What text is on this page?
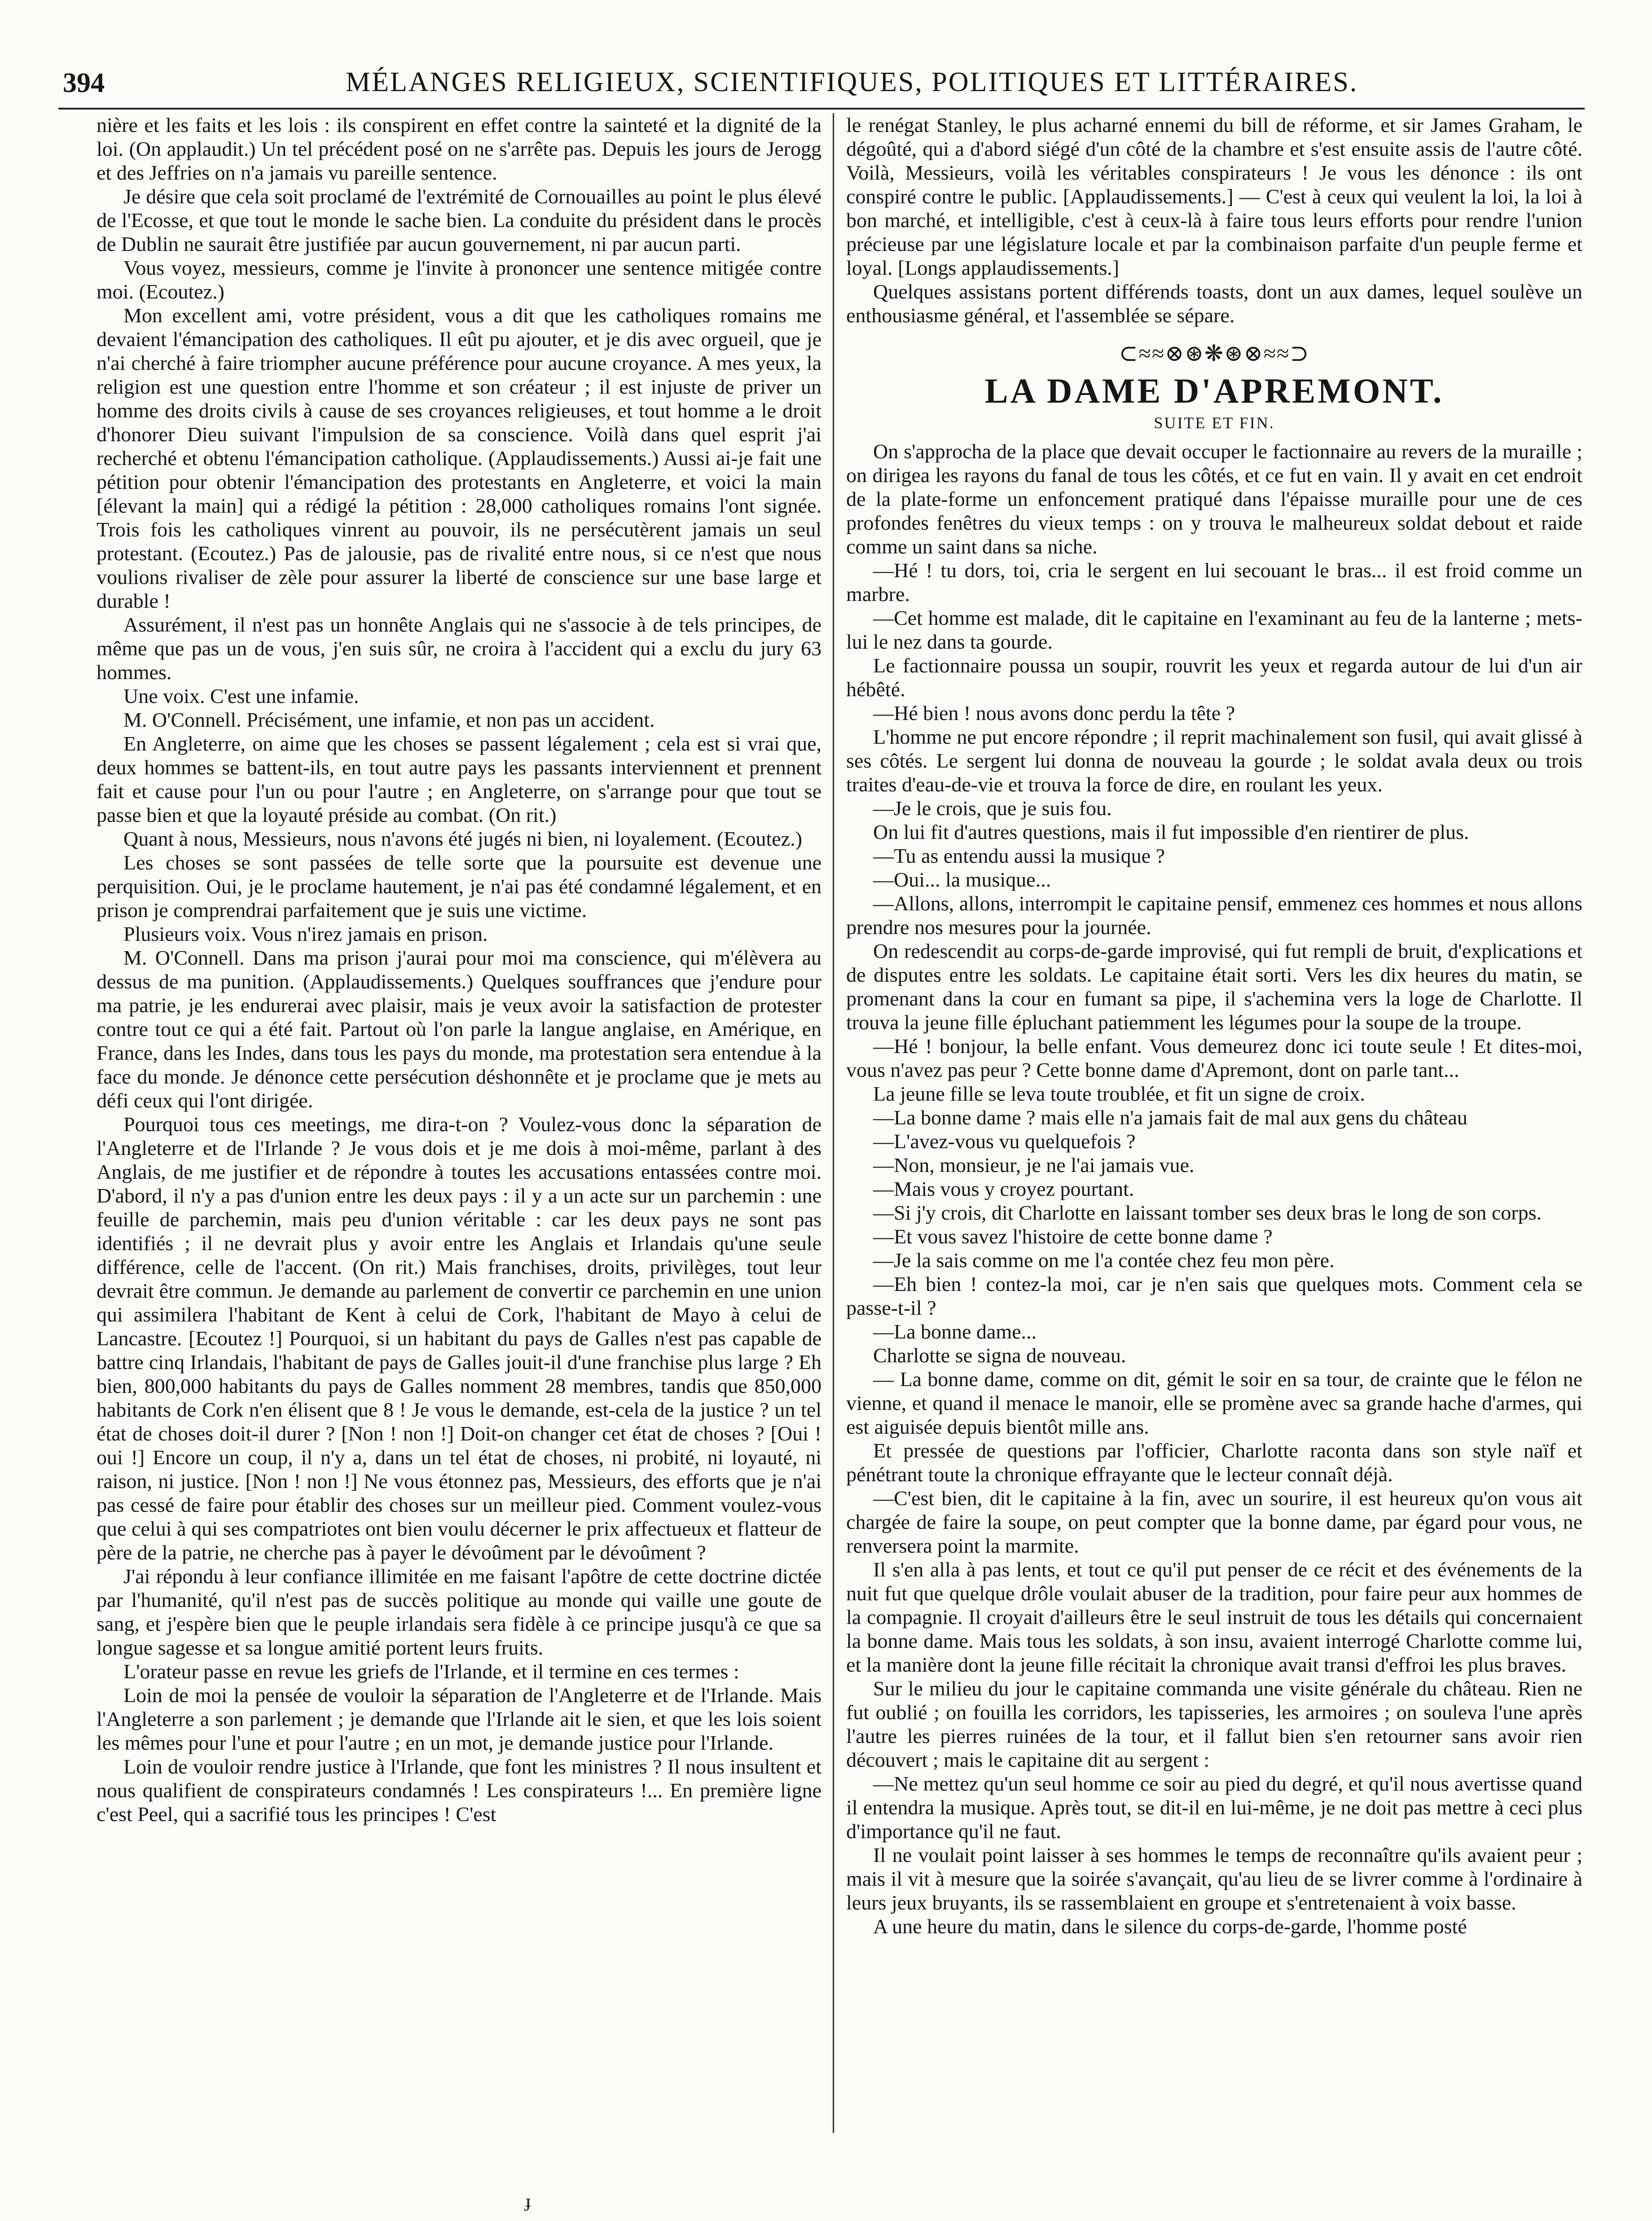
394	MÉLANGES RELIGIEUX, SCIENTIFIQUES, POLITIQUES ET LITTÉRAIRES.

nière et les faits et les lois : ils conspirent en effet contre la sainteté et la dignité de la loi. (On applaudit.) Un tel précédent posé on ne s'arrête pas. Depuis les jours de Jerogg et des Jeffries on n'a jamais vu pareille sentence.

Je désire que cela soit proclamé de l'extrémité de Cornouailles au point le plus élevé de l'Ecosse, et que tout le monde le sache bien. La conduite du président dans le procès de Dublin ne saurait être justifiée par aucun gouvernement, ni par aucun parti.

Vous voyez, messieurs, comme je l'invite à prononcer une sentence mitigée contre moi. (Ecoutez.)

Mon excellent ami, votre président, vous a dit que les catholiques romains me devaient l'émancipation des catholiques. Il eût pu ajouter, et je dis avec orgueil, que je n'ai cherché à faire triompher aucune préférence pour aucune croyance. A mes yeux, la religion est une question entre l'homme et son créateur ; il est injuste de priver un homme des droits civils à cause de ses croyances religieuses, et tout homme a le droit d'honorer Dieu suivant l'impulsion de sa conscience. Voilà dans quel esprit j'ai recherché et obtenu l'émancipation catholique. (Applaudissements.) Aussi ai-je fait une pétition pour obtenir l'émancipation des protestants en Angleterre, et voici la main [élevant la main] qui a rédigé la pétition : 28,000 catholiques romains l'ont signée. Trois fois les catholiques vinrent au pouvoir, ils ne persécutèrent jamais un seul protestant. (Ecoutez.) Pas de jalousie, pas de rivalité entre nous, si ce n'est que nous voulions rivaliser de zèle pour assurer la liberté de conscience sur une base large et durable !

Assurément, il n'est pas un honnête Anglais qui ne s'associe à de tels principes, de même que pas un de vous, j'en suis sûr, ne croira à l'accident qui a exclu du jury 63 hommes.

Une voix. C'est une infamie.

M. O'Connell. Précisément, une infamie, et non pas un accident.

En Angleterre, on aime que les choses se passent légalement ; cela est si vrai que, deux hommes se battent-ils, en tout autre pays les passants interviennent et prennent fait et cause pour l'un ou pour l'autre ; en Angleterre, on s'arrange pour que tout se passe bien et que la loyauté préside au combat. (On rit.)

Quant à nous, Messieurs, nous n'avons été jugés ni bien, ni loyalement. (Ecoutez.)

Les choses se sont passées de telle sorte que la poursuite est devenue une perquisition. Oui, je le proclame hautement, je n'ai pas été condamné légalement, et en prison je comprendrai parfaitement que je suis une victime.

Plusieurs voix. Vous n'irez jamais en prison.

M. O'Connell. Dans ma prison j'aurai pour moi ma conscience, qui m'élèvera au dessus de ma punition. (Applaudissements.) Quelques souffrances que j'endure pour ma patrie, je les endurerai avec plaisir, mais je veux avoir la satisfaction de protester contre tout ce qui a été fait. Partout où l'on parle la langue anglaise, en Amérique, en France, dans les Indes, dans tous les pays du monde, ma protestation sera entendue à la face du monde. Je dénonce cette persécution déshonnête et je proclame que je mets au défi ceux qui l'ont dirigée.

Pourquoi tous ces meetings, me dira-t-on ? Voulez-vous donc la séparation de l'Angleterre et de l'Irlande ? Je vous dois et je me dois à moi-même, parlant à des Anglais, de me justifier et de répondre à toutes les accusations entassées contre moi. D'abord, il n'y a pas d'union entre les deux pays : il y a un acte sur un parchemin : une feuille de parchemin, mais peu d'union véritable : car les deux pays ne sont pas identifiés ; il ne devrait plus y avoir entre les Anglais et Irlandais qu'une seule différence, celle de l'accent. (On rit.) Mais franchises, droits, privilèges, tout leur devrait être commun. Je demande au parlement de convertir ce parchemin en une union qui assimilera l'habitant de Kent à celui de Cork, l'habitant de Mayo à celui de Lancastre. [Ecoutez !] Pourquoi, si un habitant du pays de Galles n'est pas capable de battre cinq Irlandais, l'habitant de pays de Galles jouit-il d'une franchise plus large ? Eh bien, 800,000 habitants du pays de Galles nomment 28 membres, tandis que 850,000 habitants de Cork n'en élisent que 8 ! Je vous le demande, est-cela de la justice ? un tel état de choses doit-il durer ? [Non ! non !] Doit-on changer cet état de choses ? [Oui ! oui !] Encore un coup, il n'y a, dans un tel état de choses, ni probité, ni loyauté, ni raison, ni justice. [Non ! non !] Ne vous étonnez pas, Messieurs, des efforts que je n'ai pas cessé de faire pour établir des choses sur un meilleur pied. Comment voulez-vous que celui à qui ses compatriotes ont bien voulu décerner le prix affectueux et flatteur de père de la patrie, ne cherche pas à payer le dévoûment par le dévoûment ?

J'ai répondu à leur confiance illimitée en me faisant l'apôtre de cette doctrine dictée par l'humanité, qu'il n'est pas de succès politique au monde qui vaille une goute de sang, et j'espère bien que le peuple irlandais sera fidèle à ce principe jusqu'à ce que sa longue sagesse et sa longue amitié portent leurs fruits.

L'orateur passe en revue les griefs de l'Irlande, et il termine en ces termes :

Loin de moi la pensée de vouloir la séparation de l'Angleterre et de l'Irlande. Mais l'Angleterre a son parlement ; je demande que l'Irlande ait le sien, et que les lois soient les mêmes pour l'une et pour l'autre ; en un mot, je demande justice pour l'Irlande.

Loin de vouloir rendre justice à l'Irlande, que font les ministres ? Il nous insultent et nous qualifient de conspirateurs condamnés ! Les conspirateurs !... En première ligne c'est Peel, qui a sacrifié tous les principes ! C'est

le renégat Stanley, le plus acharné ennemi du bill de réforme, et sir James Graham, le dégoûté, qui a d'abord siégé d'un côté de la chambre et s'est ensuite assis de l'autre côté. Voilà, Messieurs, voilà les véritables conspirateurs ! Je vous les dénonce : ils ont conspiré contre le public. [Applaudissements.] — C'est à ceux qui veulent la loi, la loi à bon marché, et intelligible, c'est à ceux-là à faire tous leurs efforts pour rendre l'union précieuse par une législature locale et par la combinaison parfaite d'un peuple ferme et loyal. [Longs applaudissements.]

Quelques assistans portent différends toasts, dont un aux dames, lequel soulève un enthousiasme général, et l'assemblée se sépare.

⊂≈≈⊗⊛❋⊛⊗≈≈⊃
LA DAME D'APREMONT.
SUITE ET FIN.

On s'approcha de la place que devait occuper le factionnaire au revers de la muraille ; on dirigea les rayons du fanal de tous les côtés, et ce fut en vain. Il y avait en cet endroit de la plate-forme un enfoncement pratiqué dans l'épaisse muraille pour une de ces profondes fenêtres du vieux temps : on y trouva le malheureux soldat debout et raide comme un saint dans sa niche.

—Hé ! tu dors, toi, cria le sergent en lui secouant le bras... il est froid comme un marbre.

—Cet homme est malade, dit le capitaine en l'examinant au feu de la lanterne ; mets-lui le nez dans ta gourde.

Le factionnaire poussa un soupir, rouvrit les yeux et regarda autour de lui d'un air hébêté.

—Hé bien ! nous avons donc perdu la tête ?

L'homme ne put encore répondre ; il reprit machinalement son fusil, qui avait glissé à ses côtés. Le sergent lui donna de nouveau la gourde ; le soldat avala deux ou trois traites d'eau-de-vie et trouva la force de dire, en roulant les yeux.

—Je le crois, que je suis fou.

On lui fit d'autres questions, mais il fut impossible d'en rientirer de plus.

—Tu as entendu aussi la musique ?

—Oui... la musique...

—Allons, allons, interrompit le capitaine pensif, emmenez ces hommes et nous allons prendre nos mesures pour la journée.

On redescendit au corps-de-garde improvisé, qui fut rempli de bruit, d'explications et de disputes entre les soldats. Le capitaine était sorti. Vers les dix heures du matin, se promenant dans la cour en fumant sa pipe, il s'achemina vers la loge de Charlotte. Il trouva la jeune fille épluchant patiemment les légumes pour la soupe de la troupe.

—Hé ! bonjour, la belle enfant. Vous demeurez donc ici toute seule ! Et dites-moi, vous n'avez pas peur ? Cette bonne dame d'Apremont, dont on parle tant...

La jeune fille se leva toute troublée, et fit un signe de croix.

—La bonne dame ? mais elle n'a jamais fait de mal aux gens du château

—L'avez-vous vu quelquefois ?

—Non, monsieur, je ne l'ai jamais vue.

—Mais vous y croyez pourtant.

—Si j'y crois, dit Charlotte en laissant tomber ses deux bras le long de son corps.

—Et vous savez l'histoire de cette bonne dame ?

—Je la sais comme on me l'a contée chez feu mon père.

—Eh bien ! contez-la moi, car je n'en sais que quelques mots. Comment cela se passe-t-il ?

—La bonne dame...

Charlotte se signa de nouveau.

— La bonne dame, comme on dit, gémit le soir en sa tour, de crainte que le félon ne vienne, et quand il menace le manoir, elle se promène avec sa grande hache d'armes, qui est aiguisée depuis bientôt mille ans.

Et pressée de questions par l'officier, Charlotte raconta dans son style naïf et pénétrant toute la chronique effrayante que le lecteur connaît déjà.

—C'est bien, dit le capitaine à la fin, avec un sourire, il est heureux qu'on vous ait chargée de faire la soupe, on peut compter que la bonne dame, par égard pour vous, ne renversera point la marmite.

Il s'en alla à pas lents, et tout ce qu'il put penser de ce récit et des événements de la nuit fut que quelque drôle voulait abuser de la tradition, pour faire peur aux hommes de la compagnie. Il croyait d'ailleurs être le seul instruit de tous les détails qui concernaient la bonne dame. Mais tous les soldats, à son insu, avaient interrogé Charlotte comme lui, et la manière dont la jeune fille récitait la chronique avait transi d'effroi les plus braves.

Sur le milieu du jour le capitaine commanda une visite générale du château. Rien ne fut oublié ; on fouilla les corridors, les tapisseries, les armoires ; on souleva l'une après l'autre les pierres ruinées de la tour, et il fallut bien s'en retourner sans avoir rien découvert ; mais le capitaine dit au sergent :

—Ne mettez qu'un seul homme ce soir au pied du degré, et qu'il nous avertisse quand il entendra la musique. Après tout, se dit-il en lui-même, je ne doit pas mettre à ceci plus d'importance qu'il ne faut.

Il ne voulait point laisser à ses hommes le temps de reconnaître qu'ils avaient peur ; mais il vit à mesure que la soirée s'avançait, qu'au lieu de se livrer comme à l'ordinaire à leurs jeux bruyants, ils se rassemblaient en groupe et s'entretenaient à voix basse.

A une heure du matin, dans le silence du corps-de-garde, l'homme posté

ɟ
